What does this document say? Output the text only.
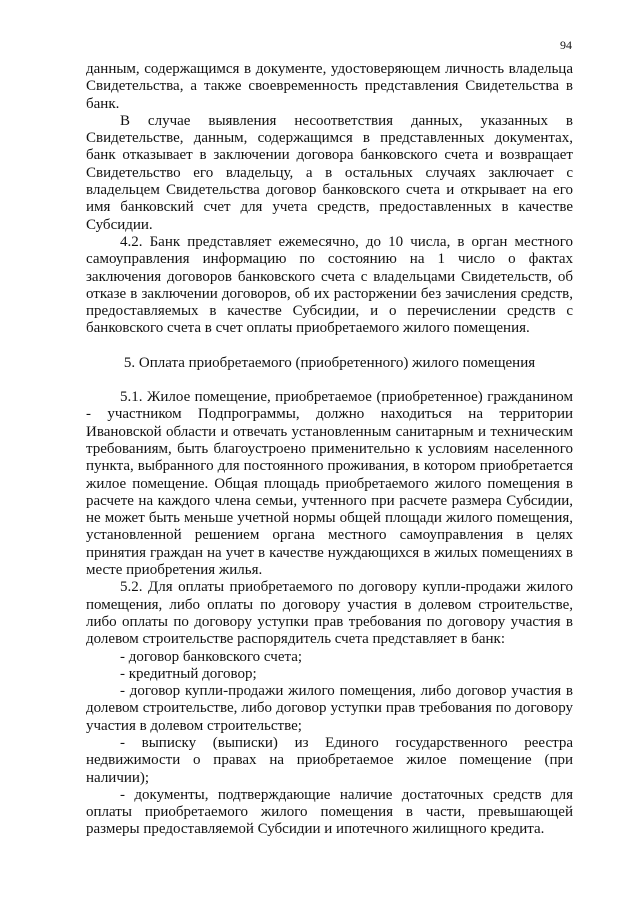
94

данным, содержащимся в документе, удостоверяющем личность владельца Свидетельства, а также своевременность представления Свидетельства в банк.

В случае выявления несоответствия данных, указанных в Свидетельстве, данным, содержащимся в представленных документах, банк отказывает в заключении договора банковского счета и возвращает Свидетельство его владельцу, а в остальных случаях заключает с владельцем Свидетельства договор банковского счета и открывает на его имя банковский счет для учета средств, предоставленных в качестве Субсидии.

4.2. Банк представляет ежемесячно, до 10 числа, в орган местного самоуправления информацию по состоянию на 1 число о фактах заключения договоров банковского счета с владельцами Свидетельств, об отказе в заключении договоров, об их расторжении без зачисления средств, предоставляемых в качестве Субсидии, и о перечислении средств с банковского счета в счет оплаты приобретаемого жилого помещения.

5. Оплата приобретаемого (приобретенного) жилого помещения

5.1. Жилое помещение, приобретаемое (приобретенное) гражданином - участником Подпрограммы, должно находиться на территории Ивановской области и отвечать установленным санитарным и техническим требованиям, быть благоустроено применительно к условиям населенного пункта, выбранного для постоянного проживания, в котором приобретается жилое помещение. Общая площадь приобретаемого жилого помещения в расчете на каждого члена семьи, учтенного при расчете размера Субсидии, не может быть меньше учетной нормы общей площади жилого помещения, установленной решением органа местного самоуправления в целях принятия граждан на учет в качестве нуждающихся в жилых помещениях в месте приобретения жилья.

5.2. Для оплаты приобретаемого по договору купли-продажи жилого помещения, либо оплаты по договору участия в долевом строительстве, либо оплаты по договору уступки прав требования по договору участия в долевом строительстве распорядитель счета представляет в банк:

- договор банковского счета;

- кредитный договор;

- договор купли-продажи жилого помещения, либо договор участия в долевом строительстве, либо договор уступки прав требования по договору участия в долевом строительстве;

- выписку (выписки) из Единого государственного реестра недвижимости о правах на приобретаемое жилое помещение (при наличии);

- документы, подтверждающие наличие достаточных средств для оплаты приобретаемого жилого помещения в части, превышающей размеры предоставляемой Субсидии и ипотечного жилищного кредита.
